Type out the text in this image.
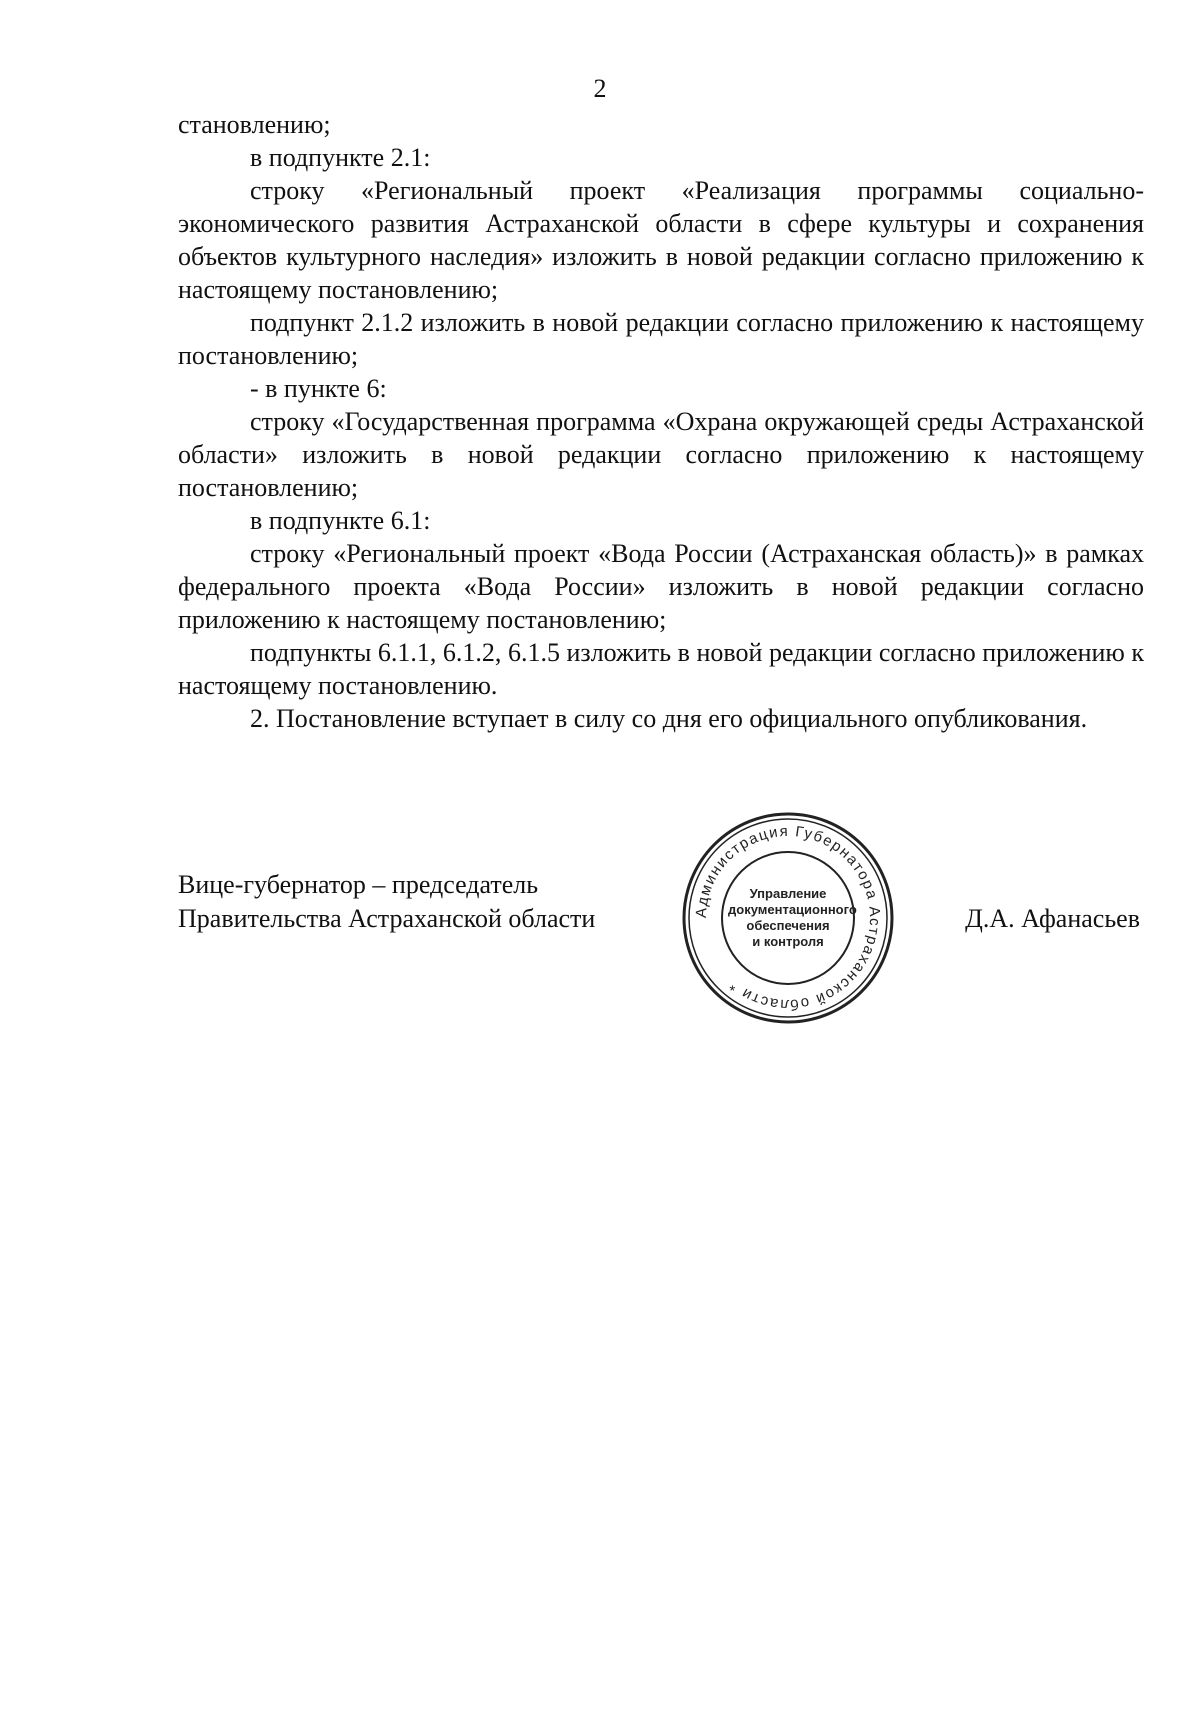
2

становлению;

в подпункте 2.1:

строку «Региональный проект «Реализация программы социально-экономического развития Астраханской области в сфере культуры и сохранения объектов культурного наследия» изложить в новой редакции согласно приложению к настоящему постановлению;

подпункт 2.1.2 изложить в новой редакции согласно приложению к настоящему постановлению;

- в пункте 6:

строку «Государственная программа «Охрана окружающей среды Астраханской области» изложить в новой редакции согласно приложению к настоящему постановлению;

в подпункте 6.1:

строку «Региональный проект «Вода России (Астраханская область)» в рамках федерального проекта «Вода России» изложить в новой редакции согласно приложению к настоящему постановлению;

подпункты 6.1.1, 6.1.2, 6.1.5 изложить в новой редакции согласно приложению к настоящему постановлению.

2. Постановление вступает в силу со дня его официального опубликования.

Вице-губернатор – председатель
Правительства Астраханской области	Администрация Губернатора Астраханской области *
Управление
документационного
обеспечения
и контроля
Д.А. Афанасьев
